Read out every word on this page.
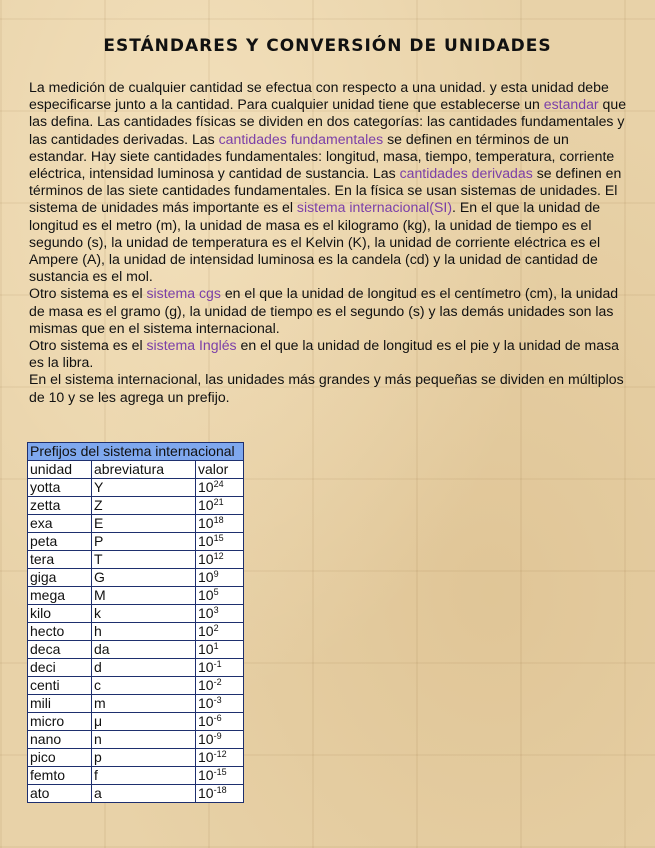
ESTÁNDARES Y CONVERSIÓN DE UNIDADES

La medición de cualquier cantidad se efectua con respecto a una unidad. y esta unidad debe especificarse junto a la cantidad. Para cualquier unidad tiene que establecerse un estandar que las defina. Las cantidades físicas se dividen en dos categorías: las cantidades fundamentales y las cantidades derivadas. Las cantidades fundamentales se definen en términos de un estandar. Hay siete cantidades fundamentales: longitud, masa, tiempo, temperatura, corriente eléctrica, intensidad luminosa y cantidad de sustancia. Las cantidades derivadas se definen en términos de las siete cantidades fundamentales. En la física se usan sistemas de unidades. El sistema de unidades más importante es el sistema internacional(SI). En el que la unidad de longitud es el metro (m), la unidad de masa es el kilogramo (kg), la unidad de tiempo es el segundo (s), la unidad de temperatura es el Kelvin (K), la unidad de corriente eléctrica es el Ampere (A), la unidad de intensidad luminosa es la candela (cd) y la unidad de cantidad de sustancia es el mol.

Otro sistema es el sistema cgs en el que la unidad de longitud es el centímetro (cm), la unidad de masa es el gramo (g), la unidad de tiempo es el segundo (s) y las demás unidades son las mismas que en el sistema internacional.

Otro sistema es el sistema Inglés en el que la unidad de longitud es el pie y la unidad de masa es la libra.

En el sistema internacional, las unidades más grandes y más pequeñas se dividen en múltiplos de 10 y se les agrega un prefijo.

Prefijos del sistema internacional		
unidad	abreviatura	valor
yotta	Y	$10^{24}$
zetta	Z	$10^{21}$
exa	E	$10^{18}$
peta	P	$10^{15}$
tera	T	$10^{12}$
giga	G	$10^9$
mega	M	$10^5$
kilo	k	$10^3$
hecto	h	$10^2$
deca	da	$10^1$
deci	d	$10^{-1}$
centi	c	$10^{-2}$
mili	m	$10^{-3}$
micro	μ	$10^{-6}$
nano	n	$10^{-9}$
pico	p	$10^{-12}$
femto	f	$10^{-15}$
ato	a	$10^{-18}$
